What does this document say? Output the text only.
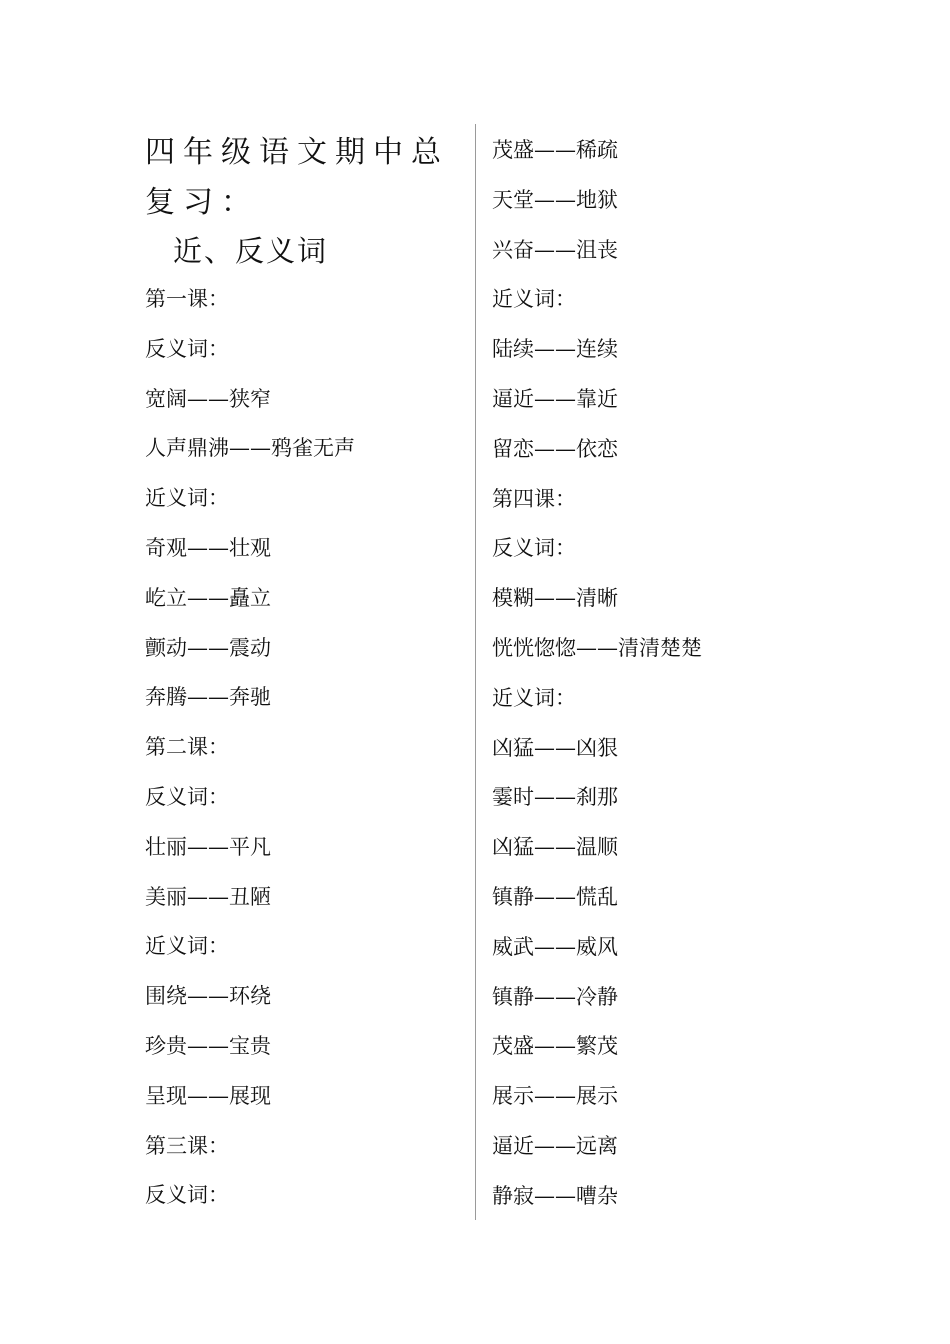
四年级语文期中总复习：
近、反义词
第一课：
反义词：
宽阔——狭窄
人声鼎沸——鸦雀无声
近义词：
奇观——壮观
屹立——矗立
颤动——震动
奔腾——奔驰
第二课：
反义词：
壮丽——平凡
美丽——丑陋
近义词：
围绕——环绕
珍贵——宝贵
呈现——展现
第三课：
反义词：
茂盛——稀疏
天堂——地狱
兴奋——沮丧
近义词：
陆续——连续
逼近——靠近
留恋——依恋
第四课：
反义词：
模糊——清晰
恍恍惚惚——清清楚楚
近义词：
凶猛——凶狠
霎时——刹那
凶猛——温顺
镇静——慌乱
威武——威风
镇静——冷静
茂盛——繁茂
展示——展示
逼近——远离
静寂——嘈杂
